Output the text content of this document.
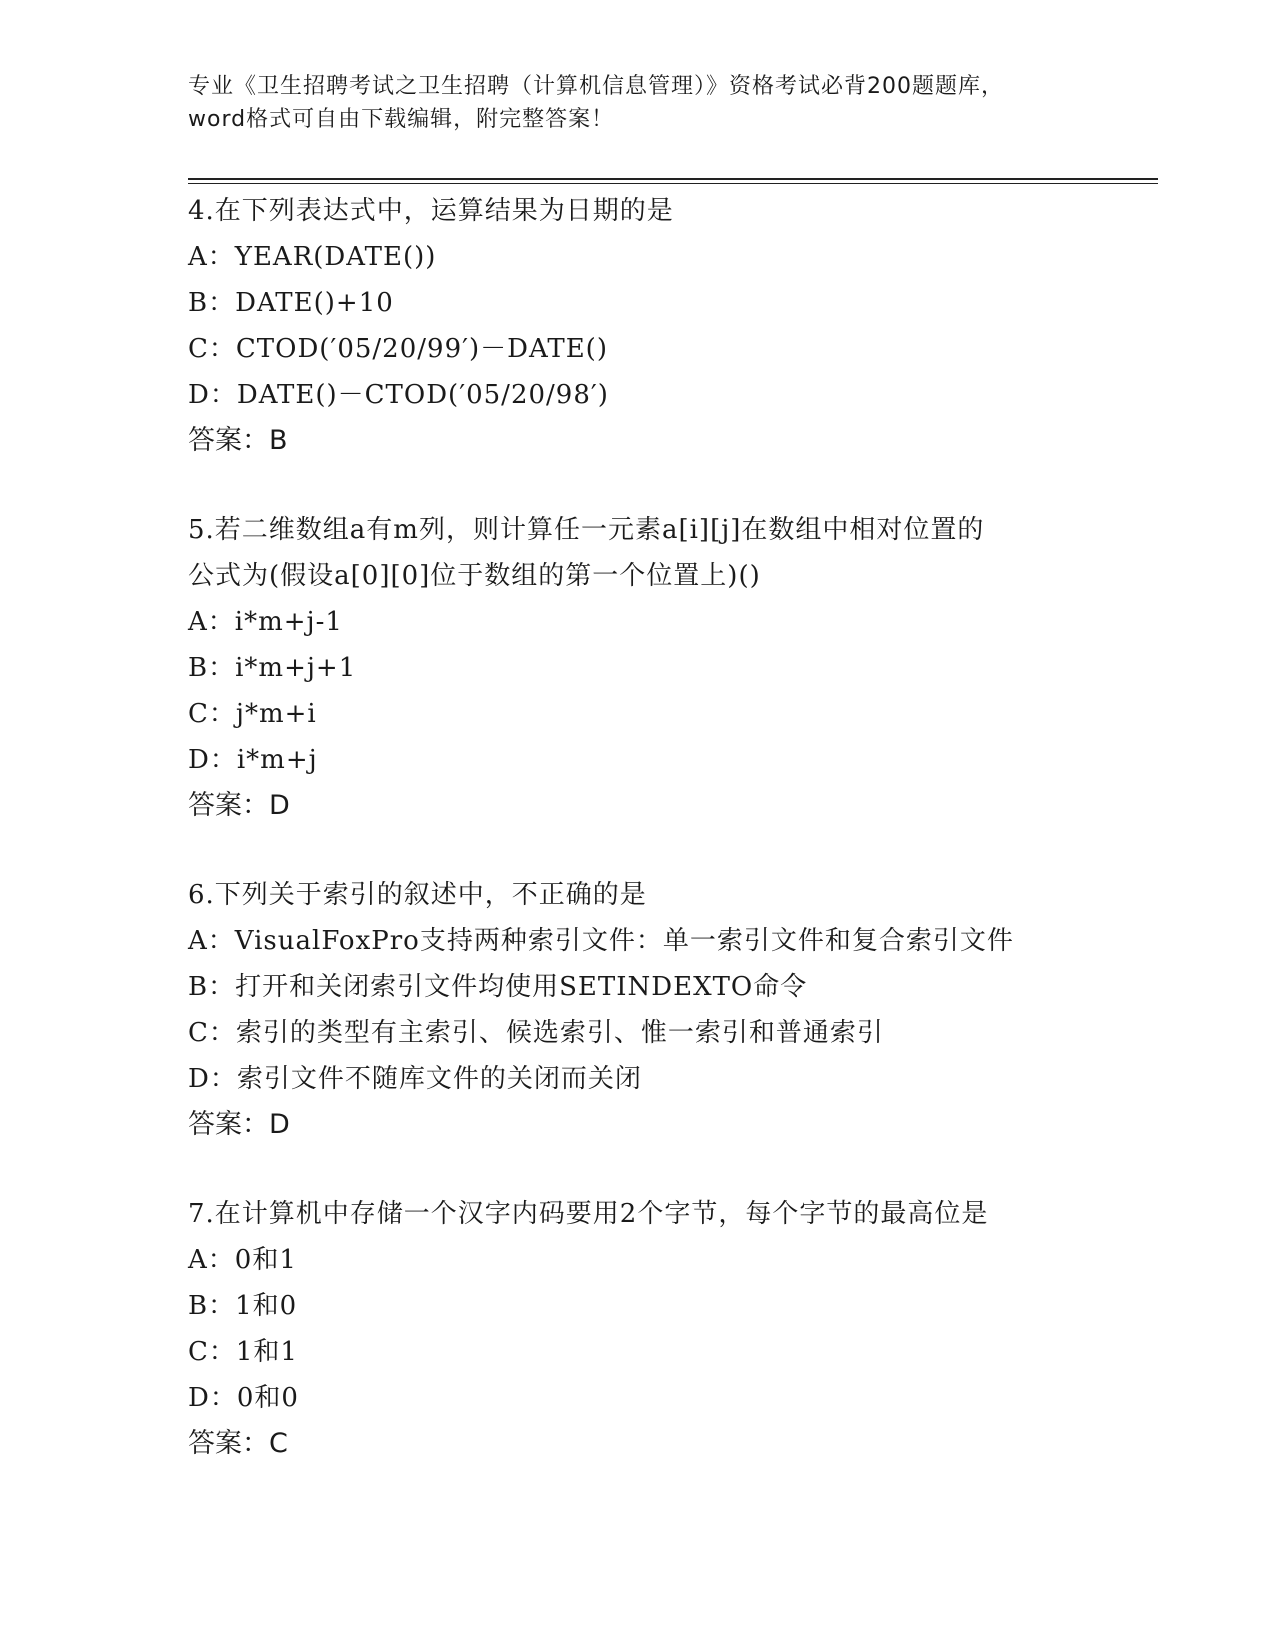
专业《卫生招聘考试之卫生招聘（计算机信息管理）》资格考试必背200题题库，
word格式可自由下载编辑，附完整答案！
4.在下列表达式中，运算结果为日期的是
A：YEAR(DATE())
B：DATE()+10
C：CTOD(′05/20/99′)－DATE()
D：DATE()－CTOD(′05/20/98′)
答案：B
5.若二维数组a有m列，则计算任一元素a[i][j]在数组中相对位置的
公式为(假设a[0][0]位于数组的第一个位置上)()
A：i*m+j-1
B：i*m+j+1
C：j*m+i
D：i*m+j
答案：D
6.下列关于索引的叙述中，不正确的是
A：VisualFoxPro支持两种索引文件：单一索引文件和复合索引文件
B：打开和关闭索引文件均使用SETINDEXTO命令
C：索引的类型有主索引、候选索引、惟一索引和普通索引
D：索引文件不随库文件的关闭而关闭
答案：D
7.在计算机中存储一个汉字内码要用2个字节，每个字节的最高位是
A：0和1
B：1和0
C：1和1
D：0和0
答案：C
